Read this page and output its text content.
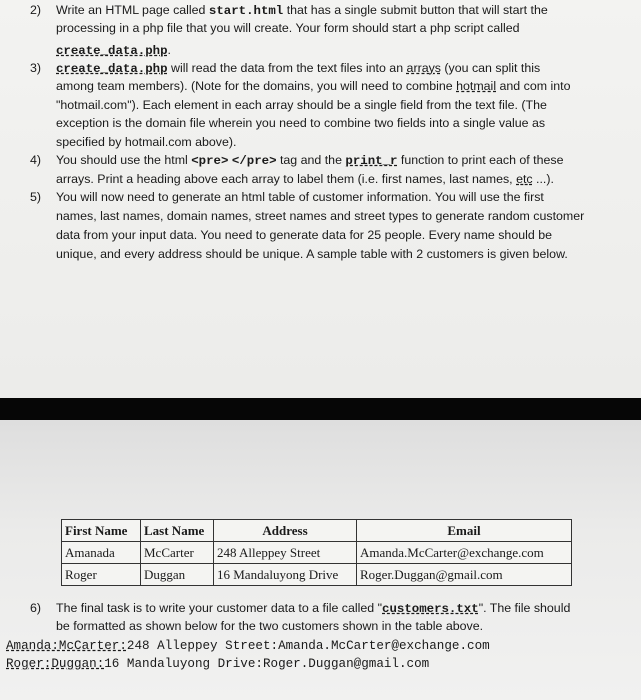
2) Write an HTML page called start.html that has a single submit button that will start the
processing in a php file that you will create. Your form should start a php script called
create_data.php.
3) create_data.php will read the data from the text files into an arrays (you can split this
among team members). (Note for the domains, you will need to combine hotmail and com into
"hotmail.com"). Each element in each array should be a single field from the text file. (The
exception is the domain file wherein you need to combine two fields into a single value as
specified by hotmail.com above).
4) You should use the html <pre> </pre> tag and the print_r function to print each of these
arrays. Print a heading above each array to label them (i.e. first names, last names, etc ...).
5) You will now need to generate an html table of customer information. You will use the first
names, last names, domain names, street names and street types to generate random customer
data from your input data. You need to generate data for 25 people. Every name should be
unique, and every address should be unique. A sample table with 2 customers is given below.
6) The final task is to write your customer data to a file called "customers.txt". The file should
be formatted as shown below for the two customers shown in the table above.
First Name	Last Name	Address	Email
Amanada	McCarter	248 Alleppey Street	Amanda.McCarter@exchange.com
Roger	Duggan	16 Mandaluyong Drive	Roger.Duggan@gmail.com
Amanda:McCarter:248 Alleppey Street:Amanda.McCarter@exchange.com
Roger:Duggan:16 Mandaluyong Drive:Roger.Duggan@gmail.com
